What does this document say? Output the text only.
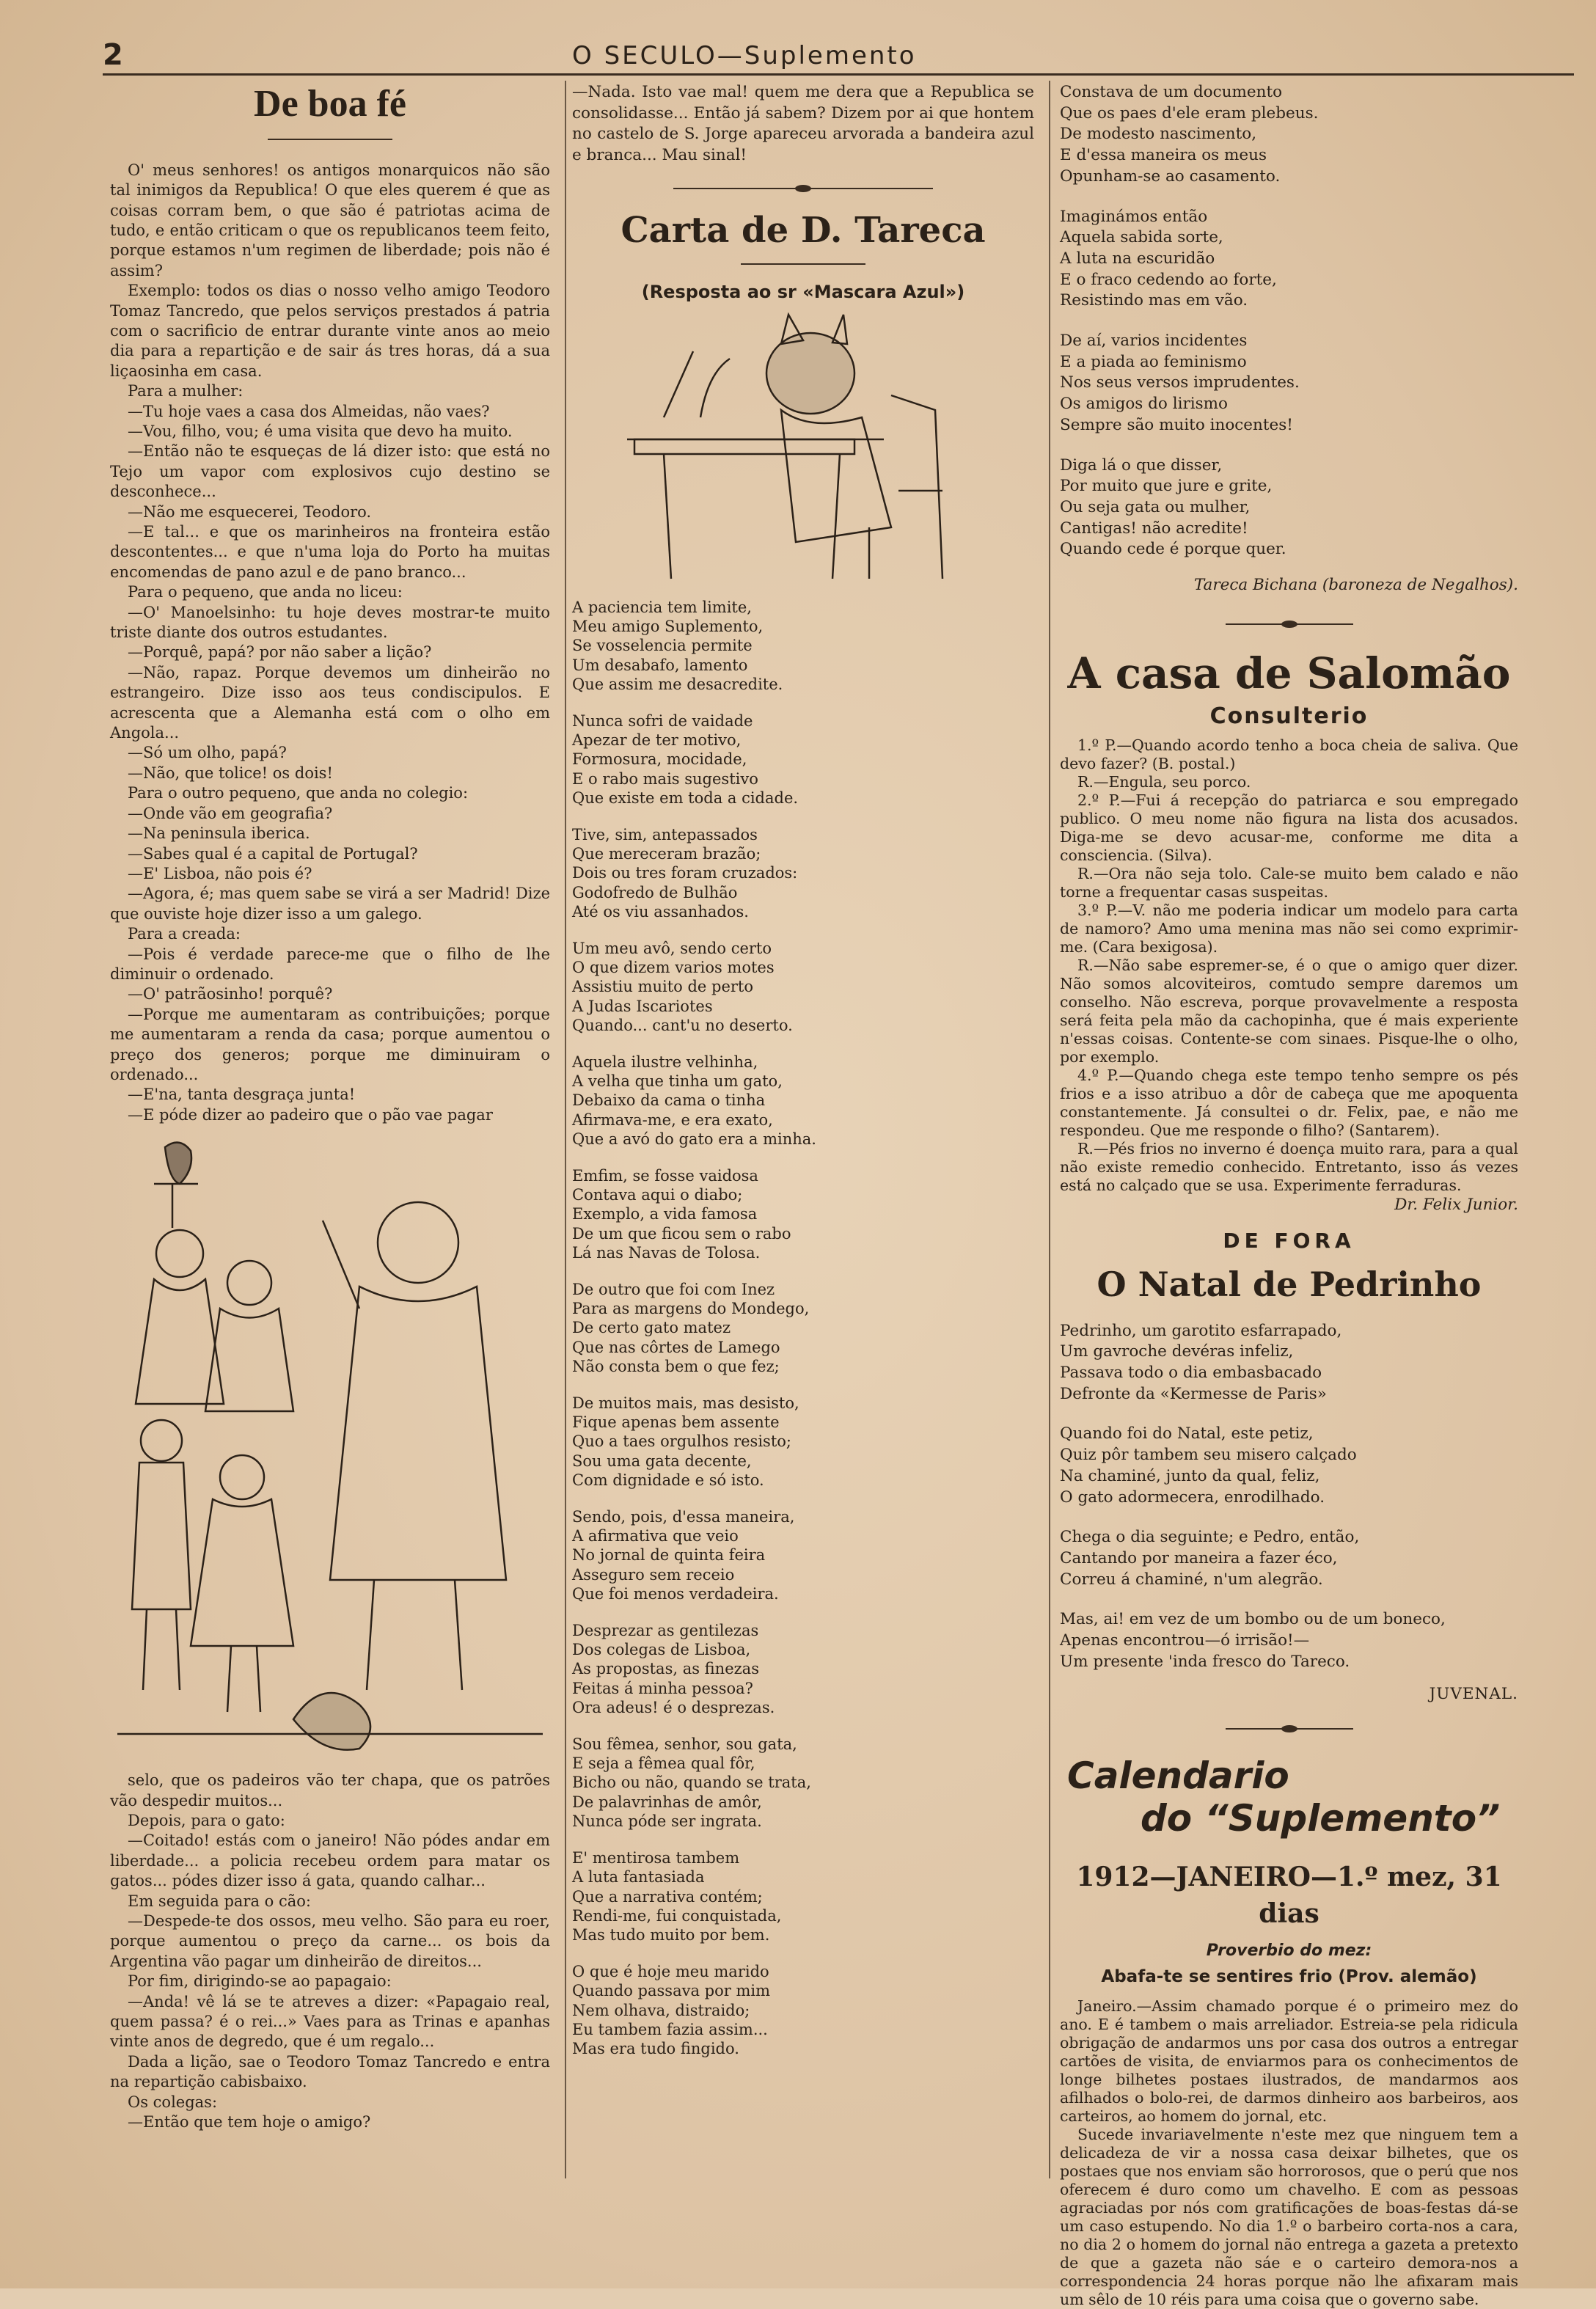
2	O SECULO—Suplemento
De boa fé

O' meus senhores! os antigos monarquicos não são tal inimigos da Republica! O que eles querem é que as coisas corram bem, o que são é patriotas acima de tudo, e então criticam o que os republicanos teem feito, porque estamos n'um regimen de liberdade; pois não é assim?

Exemplo: todos os dias o nosso velho amigo Teodoro Tomaz Tancredo, que pelos serviços prestados á patria com o sacrificio de entrar durante vinte anos ao meio dia para a repartição e de sair ás tres horas, dá a sua liçaosinha em casa.

Para a mulher:

—Tu hoje vaes a casa dos Almeidas, não vaes?

—Vou, filho, vou; é uma visita que devo ha muito.

—Então não te esqueças de lá dizer isto: que está no Tejo um vapor com explosivos cujo destino se desconhece...

—Não me esquecerei, Teodoro.

—E tal... e que os marinheiros na fronteira estão descontentes... e que n'uma loja do Porto ha muitas encomendas de pano azul e de pano branco...

Para o pequeno, que anda no liceu:

—O' Manoelsinho: tu hoje deves mostrar-te muito triste diante dos outros estudantes.

—Porquê, papá? por não saber a lição?

—Não, rapaz. Porque devemos um dinheirão no estrangeiro. Dize isso aos teus condiscipulos. E acrescenta que a Alemanha está com o olho em Angola...

—Só um olho, papá?

—Não, que tolice! os dois!

Para o outro pequeno, que anda no colegio:

—Onde vão em geografia?

—Na peninsula iberica.

—Sabes qual é a capital de Portugal?

—E' Lisboa, não pois é?

—Agora, é; mas quem sabe se virá a ser Madrid! Dize que ouviste hoje dizer isso a um galego.

Para a creada:

—Pois é verdade parece-me que o filho de lhe diminuir o ordenado.

—O' patrãosinho! porquê?

—Porque me aumentaram as contribuições; porque me aumentaram a renda da casa; porque aumentou o preço dos generos; porque me diminuiram o ordenado...

—E'na, tanta desgraça junta!

—E póde dizer ao padeiro que o pão vae pagar

selo, que os padeiros vão ter chapa, que os patrões vão despedir muitos...

Depois, para o gato:

—Coitado! estás com o janeiro! Não pódes andar em liberdade... a policia recebeu ordem para matar os gatos... pódes dizer isso á gata, quando calhar...

Em seguida para o cão:

—Despede-te dos ossos, meu velho. São para eu roer, porque aumentou o preço da carne... os bois da Argentina vão pagar um dinheirão de direitos...

Por fim, dirigindo-se ao papagaio:

—Anda! vê lá se te atreves a dizer: «Papagaio real, quem passa? é o rei...» Vaes para as Trinas e apanhas vinte anos de degredo, que é um regalo...

Dada a lição, sae o Teodoro Tomaz Tancredo e entra na repartição cabisbaixo.

Os colegas:

—Então que tem hoje o amigo?

—Nada. Isto vae mal! quem me dera que a Republica se consolidasse... Então já sabem? Dizem por ai que hontem no castelo de S. Jorge apareceu arvorada a bandeira azul e branca... Mau sinal!

Carta de D. Tareca
(Resposta ao sr «Mascara Azul»)
A paciencia tem limite,
Meu amigo Suplemento,
Se vosselencia permite
Um desabafo, lamento
Que assim me desacredite.
Nunca sofri de vaidade
Apezar de ter motivo,
Formosura, mocidade,
E o rabo mais sugestivo
Que existe em toda a cidade.
Tive, sim, antepassados
Que mereceram brazão;
Dois ou tres foram cruzados:
Godofredo de Bulhão
Até os viu assanhados.
Um meu avô, sendo certo
O que dizem varios motes
Assistiu muito de perto
A Judas Iscariotes
Quando... cant'u no deserto.
Aquela ilustre velhinha,
A velha que tinha um gato,
Debaixo da cama o tinha
Afirmava-me, e era exato,
Que a avó do gato era a minha.
Emfim, se fosse vaidosa
Contava aqui o diabo;
Exemplo, a vida famosa
De um que ficou sem o rabo
Lá nas Navas de Tolosa.
De outro que foi com Inez
Para as margens do Mondego,
De certo gato matez
Que nas côrtes de Lamego
Não consta bem o que fez;
De muitos mais, mas desisto,
Fique apenas bem assente
Quo a taes orgulhos resisto;
Sou uma gata decente,
Com dignidade e só isto.
Sendo, pois, d'essa maneira,
A afirmativa que veio
No jornal de quinta feira
Asseguro sem receio
Que foi menos verdadeira.
Desprezar as gentilezas
Dos colegas de Lisboa,
As propostas, as finezas
Feitas á minha pessoa?
Ora adeus! é o desprezas.
Sou fêmea, senhor, sou gata,
E seja a fêmea qual fôr,
Bicho ou não, quando se trata,
De palavrinhas de amôr,
Nunca póde ser ingrata.
E' mentirosa tambem
A luta fantasiada
Que a narrativa contém;
Rendi-me, fui conquistada,
Mas tudo muito por bem.
O que é hoje meu marido
Quando passava por mim
Nem olhava, distraido;
Eu tambem fazia assim...
Mas era tudo fingido.
Constava de um documento
Que os paes d'ele eram plebeus.
De modesto nascimento,
E d'essa maneira os meus
Opunham-se ao casamento.
Imaginámos então
Aquela sabida sorte,
A luta na escuridão
E o fraco cedendo ao forte,
Resistindo mas em vão.
De aí, varios incidentes
E a piada ao feminismo
Nos seus versos imprudentes.
Os amigos do lirismo
Sempre são muito inocentes!
Diga lá o que disser,
Por muito que jure e grite,
Ou seja gata ou mulher,
Cantigas! não acredite!
Quando cede é porque quer.

Tareca Bichana (baroneza de Negalhos).

A casa de Salomão
Consulterio

1.º P.—Quando acordo tenho a boca cheia de saliva. Que devo fazer? (B. postal.)

R.—Engula, seu porco.

2.º P.—Fui á recepção do patriarca e sou empregado publico. O meu nome não figura na lista dos acusados. Diga-me se devo acusar-me, conforme me dita a consciencia. (Silva).

R.—Ora não seja tolo. Cale-se muito bem calado e não torne a frequentar casas suspeitas.

3.º P.—V. não me poderia indicar um modelo para carta de namoro? Amo uma menina mas não sei como exprimir-me. (Cara bexigosa).

R.—Não sabe espremer-se, é o que o amigo quer dizer. Não somos alcoviteiros, comtudo sempre daremos um conselho. Não escreva, porque provavelmente a resposta será feita pela mão da cachopinha, que é mais experiente n'essas coisas. Contente-se com sinaes. Pisque-lhe o olho, por exemplo.

4.º P.—Quando chega este tempo tenho sempre os pés frios e a isso atribuo a dôr de cabeça que me apoquenta constantemente. Já consultei o dr. Felix, pae, e não me respondeu. Que me responde o filho? (Santarem).

R.—Pés frios no inverno é doença muito rara, para a qual não existe remedio conhecido. Entretanto, isso ás vezes está no calçado que se usa. Experimente ferraduras.

Dr. Felix Junior.

DE FORA
O Natal de Pedrinho
Pedrinho, um garotito esfarrapado,
Um gavroche devéras infeliz,
Passava todo o dia embasbacado
Defronte da «Kermesse de Paris»
Quando foi do Natal, este petiz,
Quiz pôr tambem seu misero calçado
Na chaminé, junto da qual, feliz,
O gato adormecera, enrodilhado.
Chega o dia seguinte; e Pedro, então,
Cantando por maneira a fazer éco,
Correu á chaminé, n'um alegrão.
Mas, ai! em vez de um bombo ou de um boneco,
Apenas encontrou—ó irrisão!—
Um presente 'inda fresco do Tareco.

JUVENAL.

Calendario
do “Suplemento”
1912—JANEIRO—1.º mez, 31 dias
Proverbio do mez:
Abafa-te se sentires frio (Prov. alemão)

Janeiro.—Assim chamado porque é o primeiro mez do ano. E é tambem o mais arreliador. Estreia-se pela ridicula obrigação de andarmos uns por casa dos outros a entregar cartões de visita, de enviarmos para os conhecimentos de longe bilhetes postaes ilustrados, de mandarmos aos afilhados o bolo-rei, de darmos dinheiro aos barbeiros, aos carteiros, ao homem do jornal, etc.

Sucede invariavelmente n'este mez que ninguem tem a delicadeza de vir a nossa casa deixar bilhetes, que os postaes que nos enviam são horrorosos, que o perú que nos oferecem é duro como um chavelho. E com as pessoas agraciadas por nós com gratificações de boas-festas dá-se um caso estupendo. No dia 1.º o barbeiro corta-nos a cara, no dia 2 o homem do jornal não entrega a gazeta a pretexto de que a gazeta não sáe e o carteiro demora-nos a correspondencia 24 horas porque não lhe afixaram mais um sêlo de 10 réis para uma coisa que o governo sabe.
